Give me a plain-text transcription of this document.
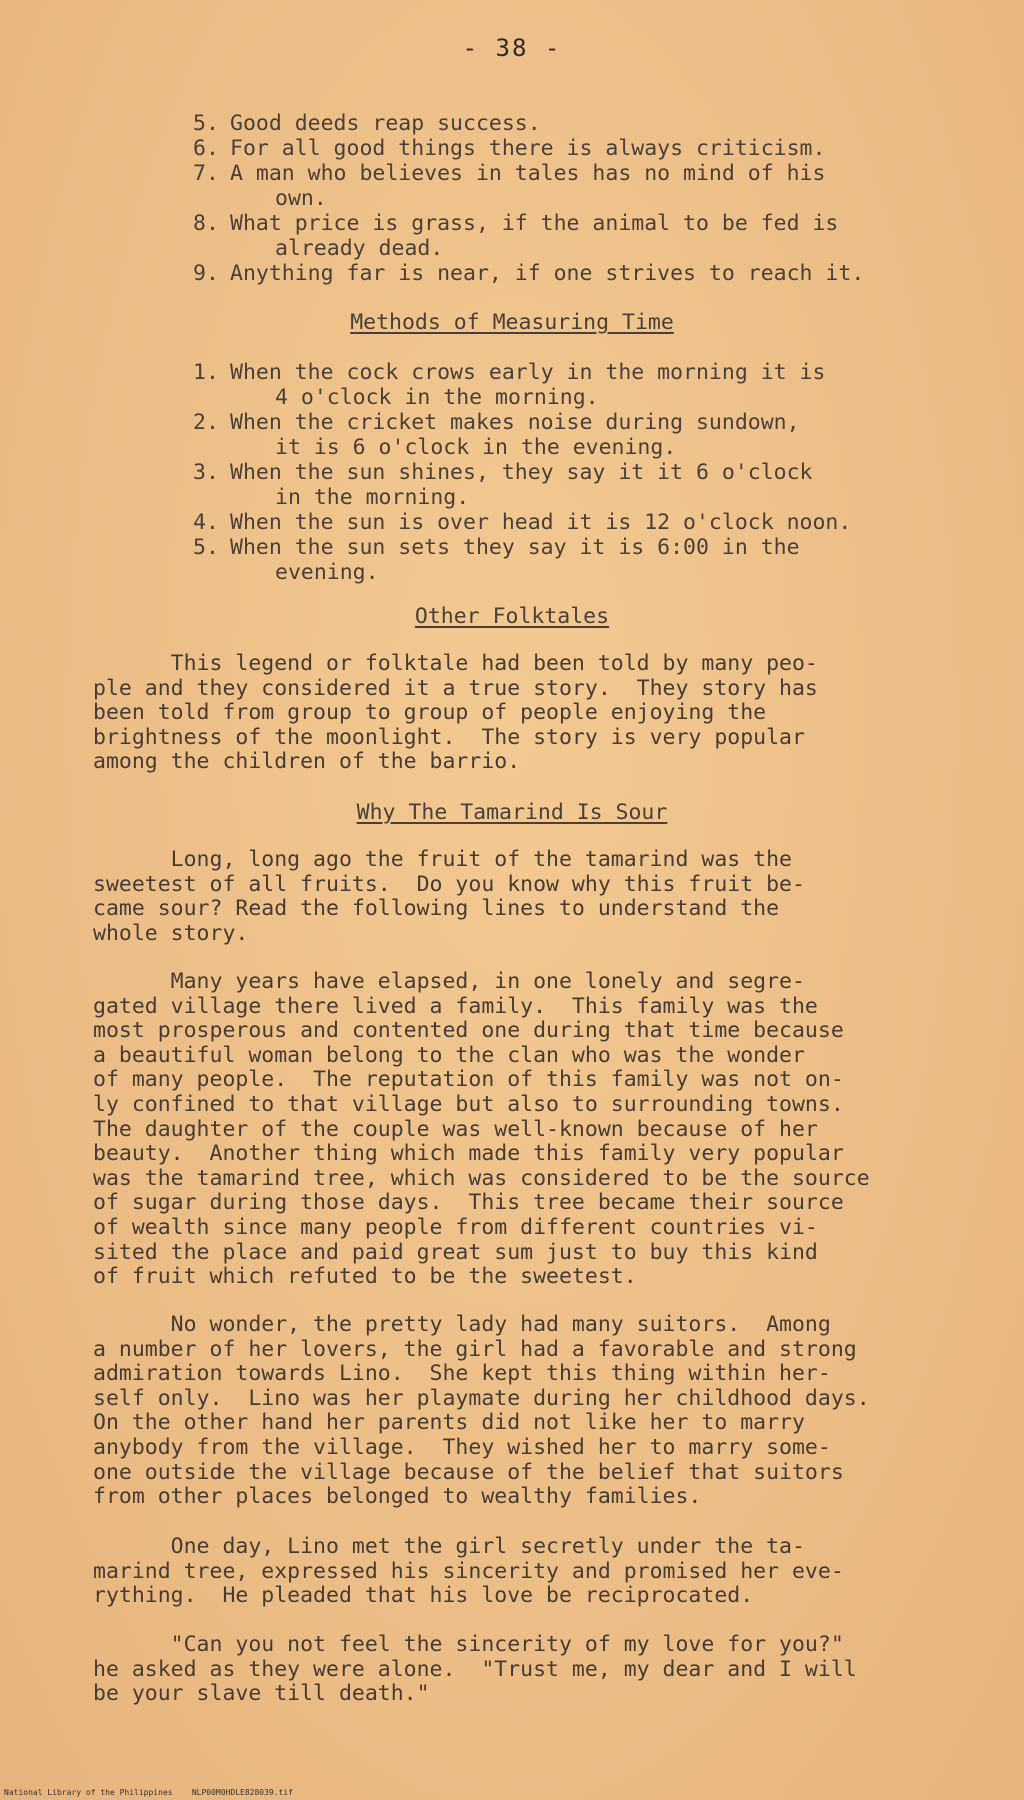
- 38 -
5. Good deeds reap success.
6. For all good things there is always criticism.
7. A man who believes in tales has no mind of his
own.
8. What price is grass, if the animal to be fed is
already dead.
9. Anything far is near, if one strives to reach it.
Methods of Measuring Time
1. When the cock crows early in the morning it is
4 o'clock in the morning.
2. When the cricket makes noise during sundown,
it is 6 o'clock in the evening.
3. When the sun shines, they say it it 6 o'clock
in the morning.
4. When the sun is over head it is 12 o'clock noon.
5. When the sun sets they say it is 6:00 in the
evening.
Other Folktales

This legend or folktale had been told by many peo-
ple and they considered it a true story.  They story has
been told from group to group of people enjoying the
brightness of the moonlight.  The story is very popular
among the children of the barrio.

Why The Tamarind Is Sour

Long, long ago the fruit of the tamarind was the
sweetest of all fruits.  Do you know why this fruit be-
came sour? Read the following lines to understand the
whole story.

Many years have elapsed, in one lonely and segre-
gated village there lived a family.  This family was the
most prosperous and contented one during that time because
a beautiful woman belong to the clan who was the wonder
of many people.  The reputation of this family was not on-
ly confined to that village but also to surrounding towns.
The daughter of the couple was well-known because of her
beauty.  Another thing which made this family very popular
was the tamarind tree, which was considered to be the source
of sugar during those days.  This tree became their source
of wealth since many people from different countries vi-
sited the place and paid great sum just to buy this kind
of fruit which refuted to be the sweetest.

No wonder, the pretty lady had many suitors.  Among
a number of her lovers, the girl had a favorable and strong
admiration towards Lino.  She kept this thing within her-
self only.  Lino was her playmate during her childhood days.
On the other hand her parents did not like her to marry
anybody from the village.  They wished her to marry some-
one outside the village because of the belief that suitors
from other places belonged to wealthy families.

One day, Lino met the girl secretly under the ta-
marind tree, expressed his sincerity and promised her eve-
rything.  He pleaded that his love be reciprocated.

"Can you not feel the sincerity of my love for you?"
he asked as they were alone.  "Trust me, my dear and I will
be your slave till death."

National Library of the Philippines    NLP00M0HDLE828039.tif
